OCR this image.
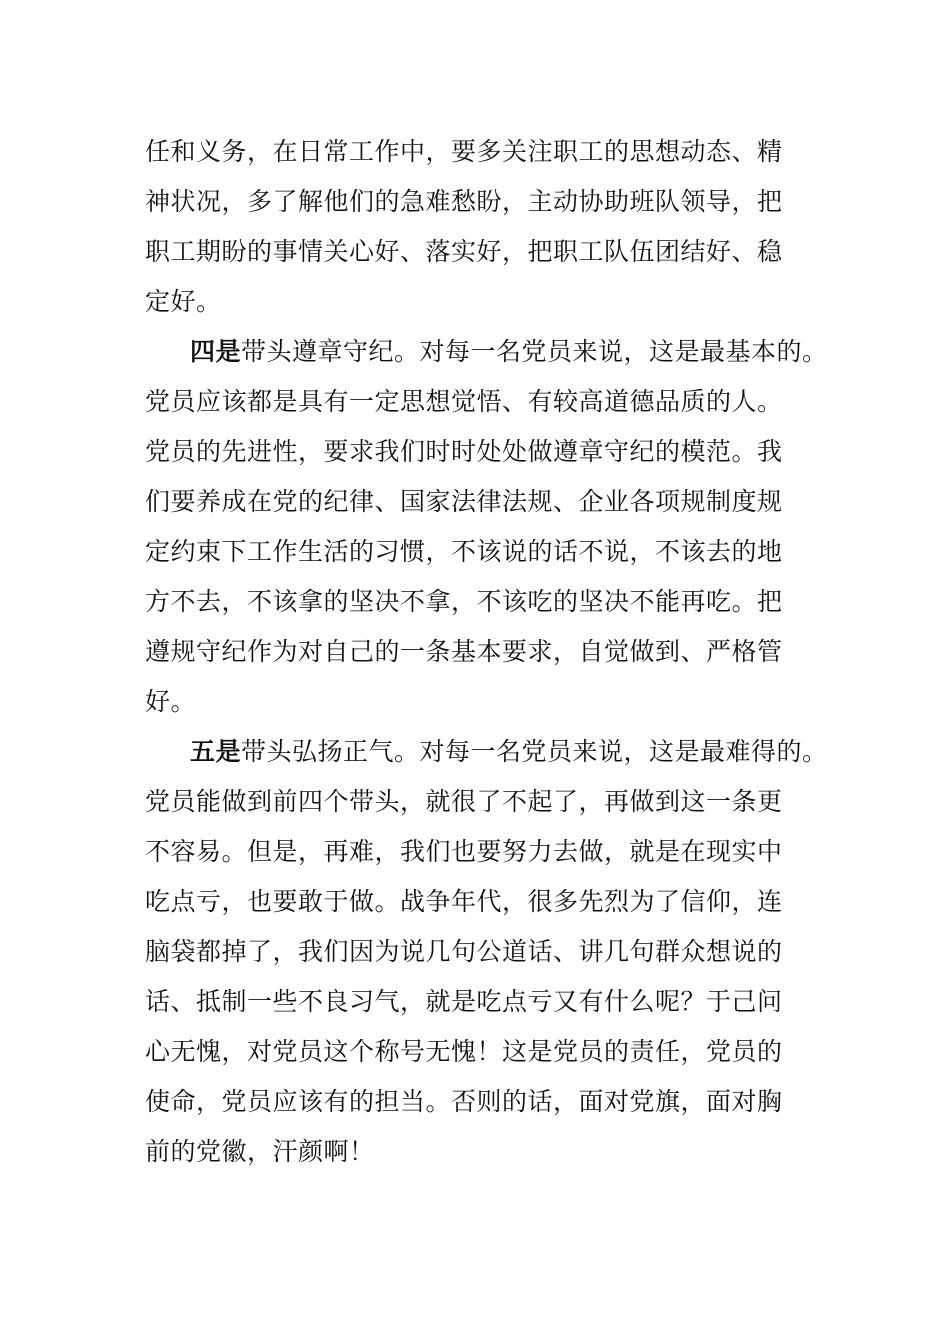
任和义务，在日常工作中，要多关注职工的思想动态、精
神状况，多了解他们的急难愁盼，主动协助班队领导，把
职工期盼的事情关心好、落实好，把职工队伍团结好、稳
定好。
四是带头遵章守纪。对每一名党员来说，这是最基本的。
党员应该都是具有一定思想觉悟、有较高道德品质的人。
党员的先进性，要求我们时时处处做遵章守纪的模范。我
们要养成在党的纪律、国家法律法规、企业各项规制度规
定约束下工作生活的习惯，不该说的话不说，不该去的地
方不去，不该拿的坚决不拿，不该吃的坚决不能再吃。把
遵规守纪作为对自己的一条基本要求，自觉做到、严格管
好。
五是带头弘扬正气。对每一名党员来说，这是最难得的。
党员能做到前四个带头，就很了不起了，再做到这一条更
不容易。但是，再难，我们也要努力去做，就是在现实中
吃点亏，也要敢于做。战争年代，很多先烈为了信仰，连
脑袋都掉了，我们因为说几句公道话、讲几句群众想说的
话、抵制一些不良习气，就是吃点亏又有什么呢？于己问
心无愧，对党员这个称号无愧！这是党员的责任，党员的
使命，党员应该有的担当。否则的话，面对党旗，面对胸
前的党徽，汗颜啊！
